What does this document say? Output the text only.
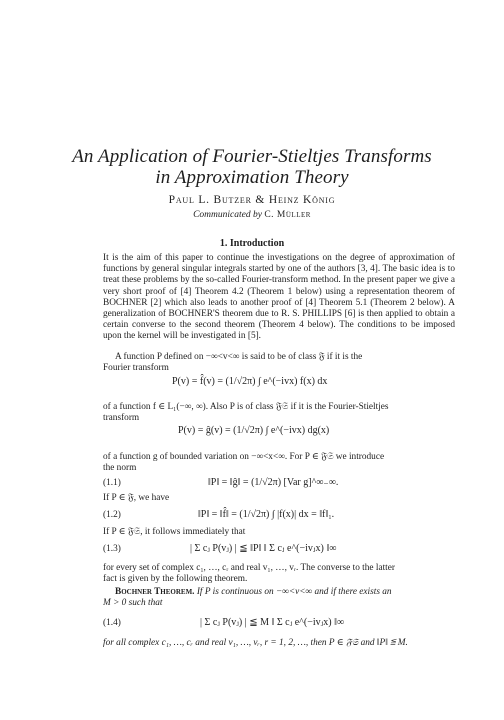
An Application of Fourier-Stieltjes Transforms
in Approximation Theory
Paul L. Butzer & Heinz König
Communicated by C. Müller
1. Introduction
It is the aim of this paper to continue the investigations on the degree of approximation of functions by general singular integrals started by one of the authors [3, 4]. The basic idea is to treat these problems by the so-called Fourier-transform method. In the present paper we give a very short proof of [4] Theorem 4.2 (Theorem 1 below) using a representation theorem of BOCHNER [2] which also leads to another proof of [4] Theorem 5.1 (Theorem 2 below). A generalization of BOCHNER'S theorem due to R. S. PHILLIPS [6] is then applied to obtain a certain converse to the second theorem (Theorem 4 below). The conditions to be imposed upon the kernel will be investigated in [5].
A function P defined on −∞<v<∞ is said to be of class 𝔉 if it is the
Fourier transform
P(v) = f̂(v) = (1/√2π) ∫ e^(−ivx) f(x) dx
of a function f ∈ L₁(−∞, ∞). Also P is of class 𝔉𝔖 if it is the Fourier-Stieltjes
transform
P(v) = ĝ(v) = (1/√2π) ∫ e^(−ivx) dg(x)
of a function g of bounded variation on −∞<x<∞. For P ∈ 𝔉𝔖 we introduce
the norm
(1.1)	‖P‖ = ‖ĝ‖ = (1/√2π) [Var g]^∞₋∞.
If P ∈ 𝔉, we have
(1.2)	‖P‖ = ‖f̂‖ = (1/√2π) ∫ |f(x)| dx = ‖f‖₁.
If P ∈ 𝔉𝔖, it follows immediately that
(1.3)	| Σ cⱼ P(vⱼ) | ≦ ‖P‖ ‖ Σ cⱼ e^(−ivⱼx) ‖∞
for every set of complex c₁, …, cᵣ and real v₁, …, vᵣ. The converse to the latter
fact is given by the following theorem.
Bochner Theorem. If P is continuous on −∞<v<∞ and if there exists an
M > 0 such that
(1.4)	| Σ cⱼ P(vⱼ) | ≦ M ‖ Σ cⱼ e^(−ivⱼx) ‖∞
for all complex c₁, …, cᵣ and real v₁, …, vᵣ, r = 1, 2, …, then P ∈ 𝔉𝔖 and ‖P‖ ≦ M.
